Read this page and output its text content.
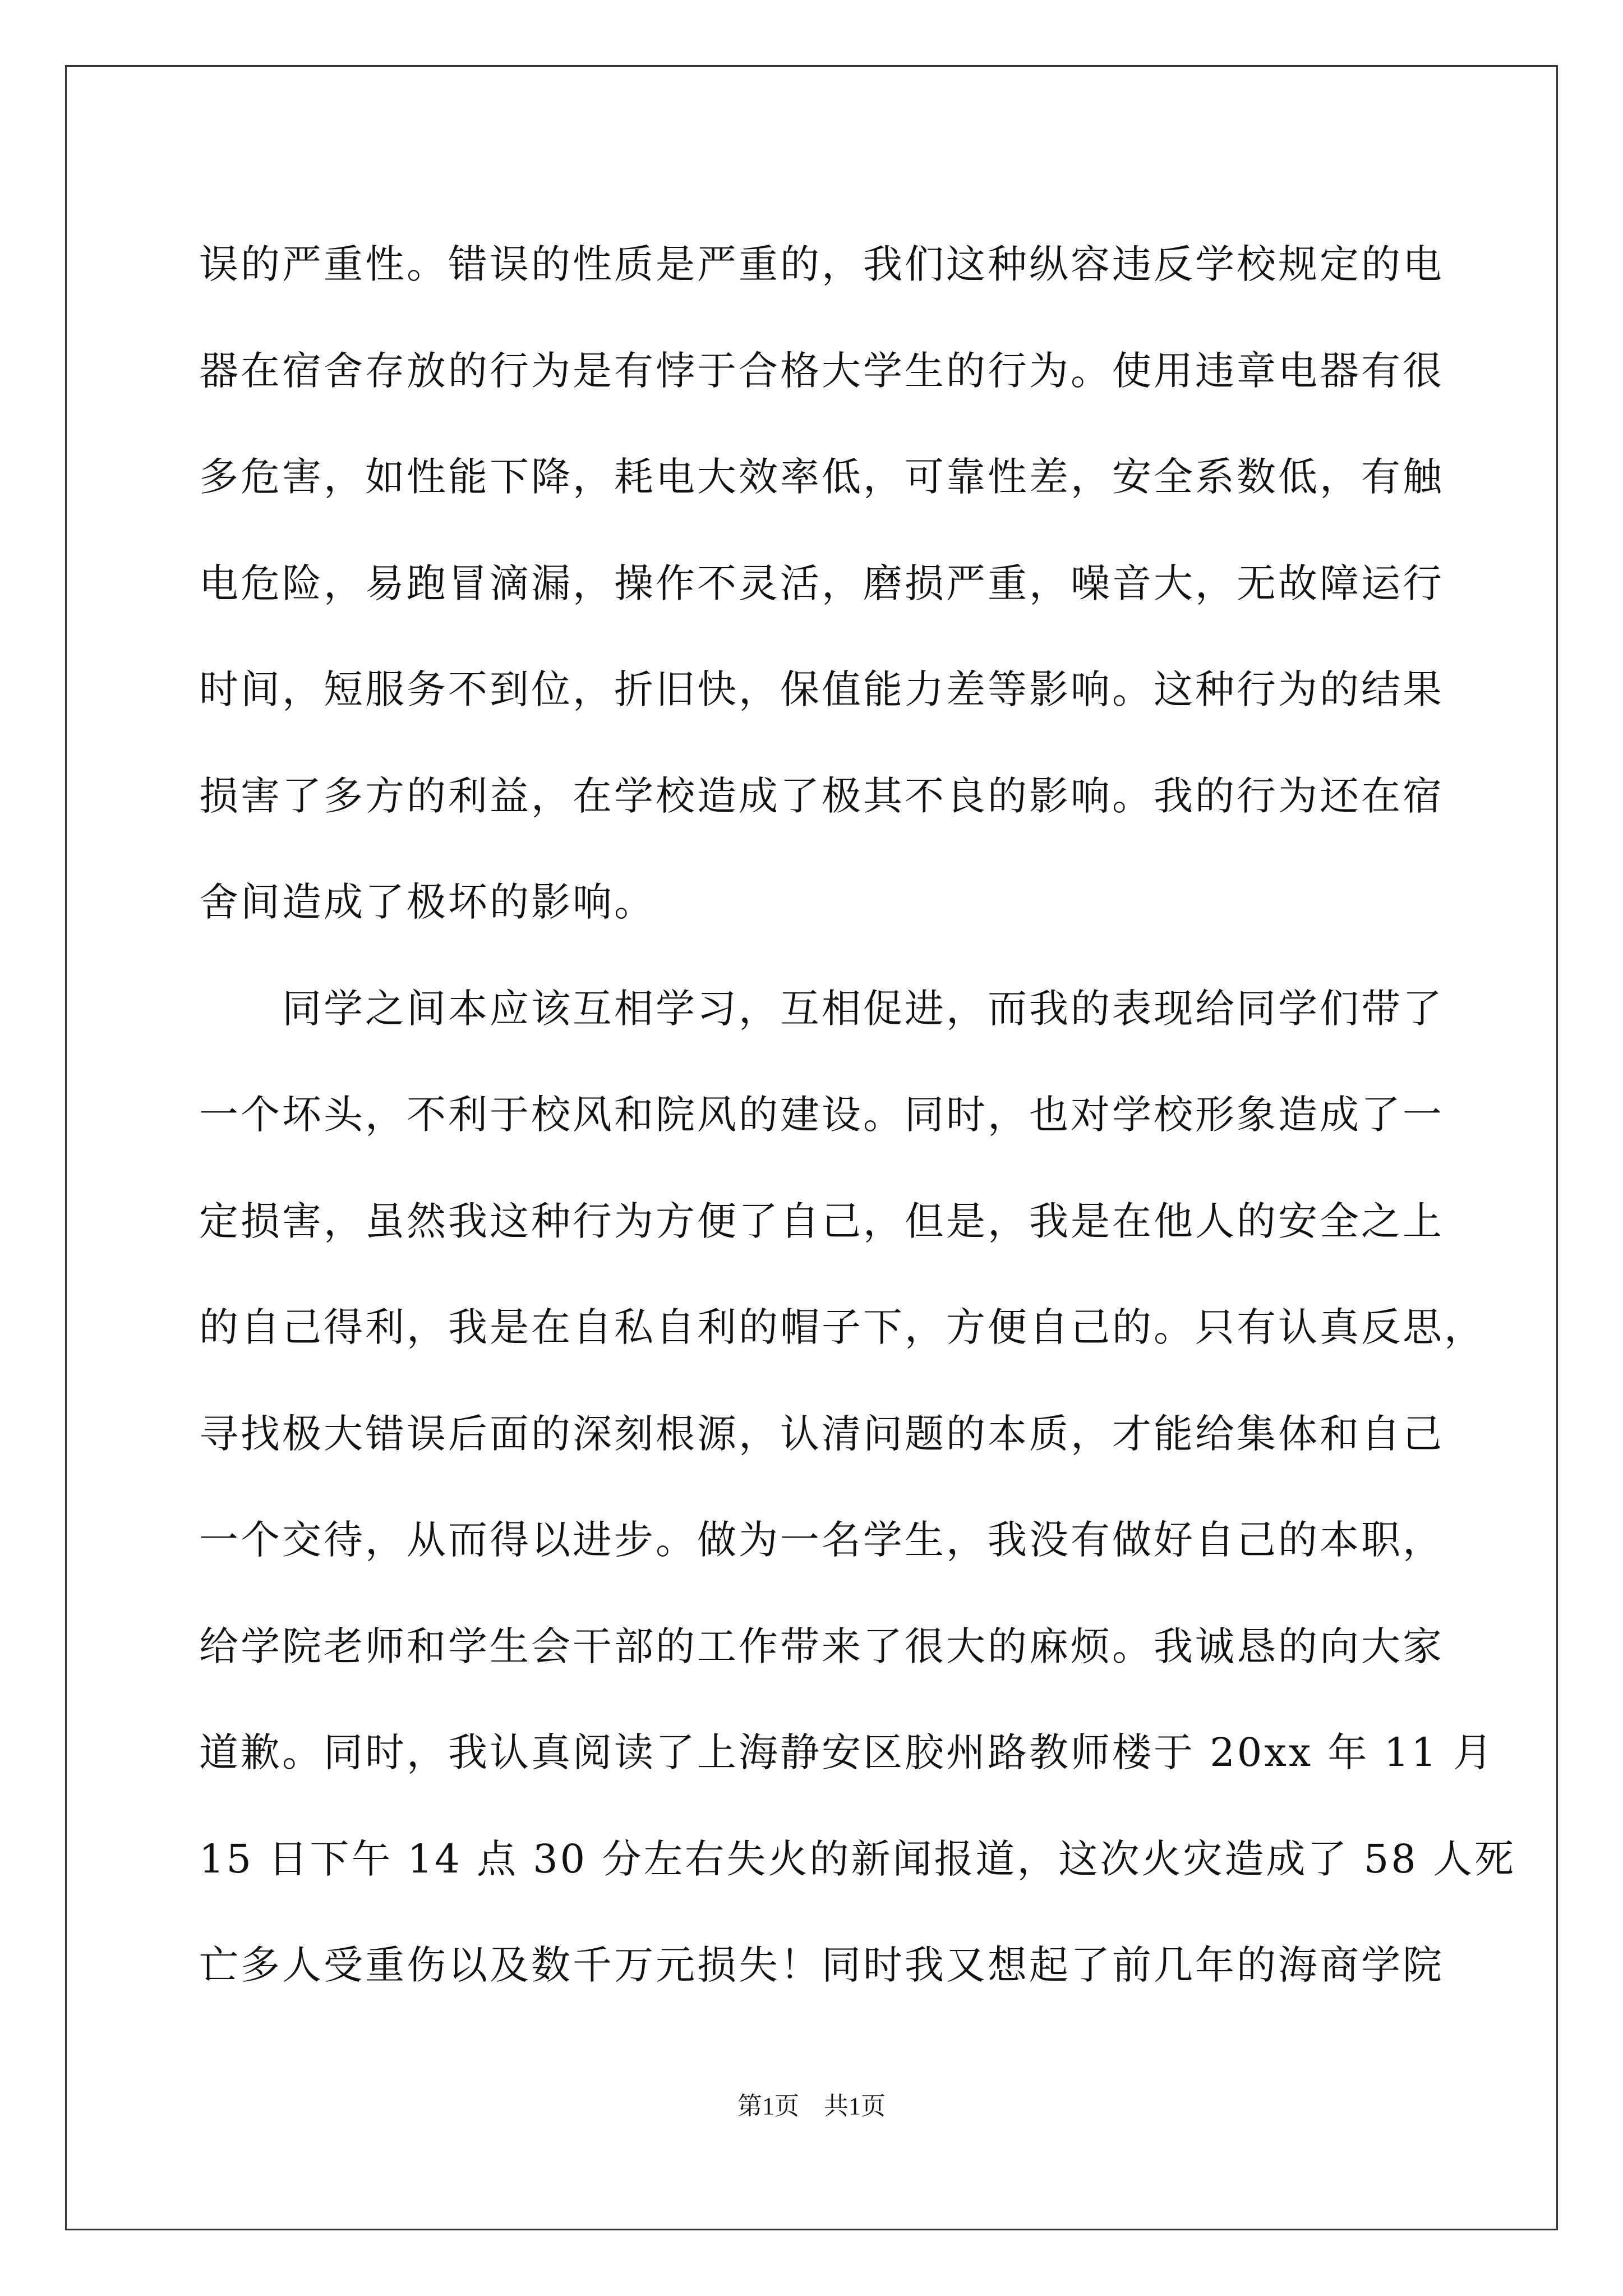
误的严重性。错误的性质是严重的，我们这种纵容违反学校规定的电
器在宿舍存放的行为是有悖于合格大学生的行为。使用违章电器有很
多危害，如性能下降，耗电大效率低，可靠性差，安全系数低，有触
电危险，易跑冒滴漏，操作不灵活，磨损严重，噪音大，无故障运行
时间，短服务不到位，折旧快，保值能力差等影响。这种行为的结果
损害了多方的利益，在学校造成了极其不良的影响。我的行为还在宿
舍间造成了极坏的影响。
同学之间本应该互相学习，互相促进，而我的表现给同学们带了
一个坏头，不利于校风和院风的建设。同时，也对学校形象造成了一
定损害，虽然我这种行为方便了自己，但是，我是在他人的安全之上
的自己得利，我是在自私自利的帽子下，方便自己的。只有认真反思，
寻找极大错误后面的深刻根源，认清问题的本质，才能给集体和自己
一个交待，从而得以进步。做为一名学生，我没有做好自己的本职，
给学院老师和学生会干部的工作带来了很大的麻烦。我诚恳的向大家
道歉。同时，我认真阅读了上海静安区胶州路教师楼于 20xx 年 11 月
15 日下午 14 点 30 分左右失火的新闻报道，这次火灾造成了 58 人死
亡多人受重伤以及数千万元损失！同时我又想起了前几年的海商学院
第1页 共1页
